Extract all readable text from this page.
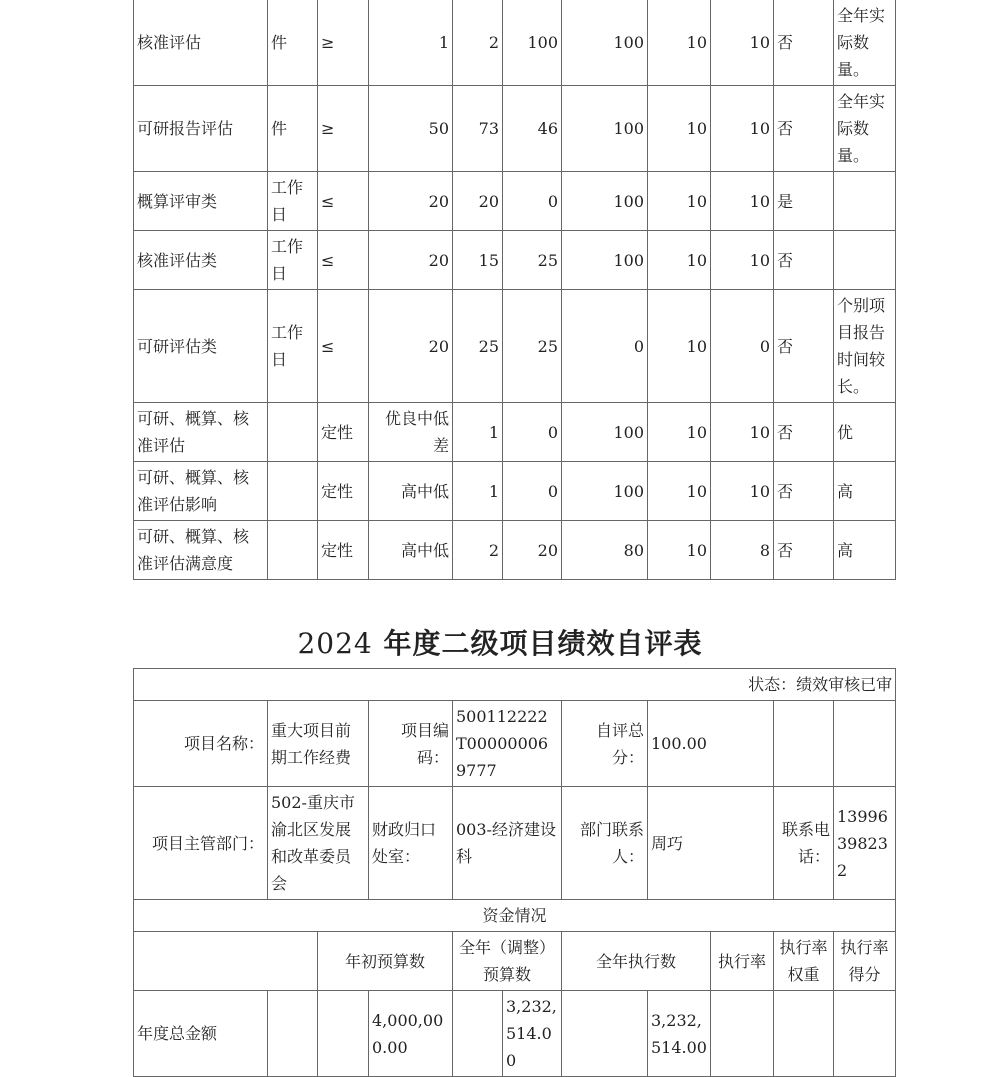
核准评估	件	≥	1	2	100	100	10	10	否	全年实际数量。
可研报告评估	件	≥	50	73	46	100	10	10	否	全年实际数量。
概算评审类	工作日	≤	20	20	0	100	10	10	是	
核准评估类	工作日	≤	20	15	25	100	10	10	否	
可研评估类	工作日	≤	20	25	25	0	10	0	否	个别项目报告时间较长。
可研、概算、核准评估		定性	优良中低差	1	0	100	10	10	否	优
可研、概算、核准评估影响		定性	高中低	1	0	100	10	10	否	高
可研、概算、核准评估满意度		定性	高中低	2	20	80	10	8	否	高
2024 年度二级项目绩效自评表
状态：绩效审核已审										
项目名称：	重大项目前期工作经费		项目编码：	500112222T000000069777		自评总分：	100.00			
项目主管部门：	502-重庆市渝北区发展和改革委员会		财政归口处室：	003-经济建设科		部门联系人：	周巧		联系电话：	13996398232
资金情况										
		年初预算数		全年（调整）预算数		全年执行数		执行率	执行率权重	执行率得分
年度总金额			4,000,000.00		3,232,514.00		3,232,514.00			
